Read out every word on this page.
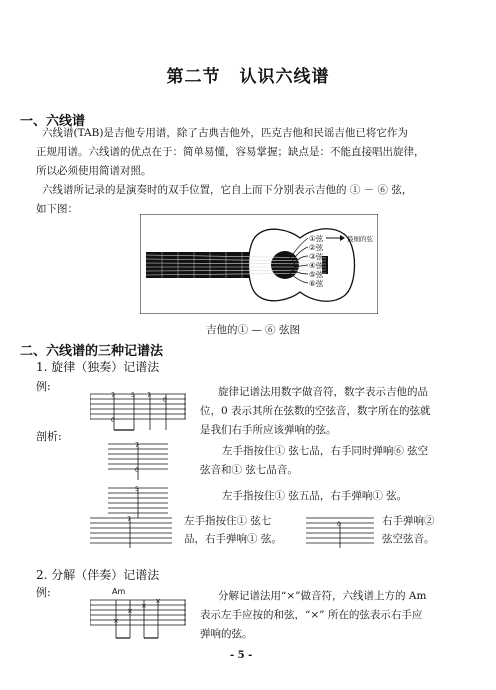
第二节 认识六线谱
一、六线谱
六线谱(TAB)是吉他专用谱，除了古典吉他外，匹克吉他和民谣吉他已将它作为
正规用谱。六线谱的优点在于：简单易懂，容易掌握；缺点是：不能直接唱出旋律，
所以必须使用简谱对照。
六线谱所记录的是演奏时的双手位置，它自上而下分别表示吉他的 ① － ⑥ 弦，
如下图：
①弦
②弦
③弦
④弦
⑤弦
⑥弦
最细的弦
吉他的① — ⑥ 弦图
二、六线谱的三种记谱法
1. 旋律（独奏）记谱法
例:
7
0
5 7
0
旋律记谱法用数字做音符，数字表示吉他的品
位，0 表示其所在弦数的空弦音，数字所在的弦就
是我们右手所应该弹响的弦。
剖析:
7
0
左手指按住① 弦七品，右手同时弹响⑥ 弦空
弦音和① 弦七品音。
5
左手指按住① 弦五品，右手弹响① 弦。
7	左手指按住① 弦七
品，右手弹响① 弦。
0	右手弹响②
弦空弦音。
2. 分解（伴奏）记谱法
例:	Am
×
×
×
×	分解记谱法用“×”做音符，六线谱上方的 Am
表示左手应按的和弦，“×” 所在的弦表示右手应
弹响的弦。
- 5 -
